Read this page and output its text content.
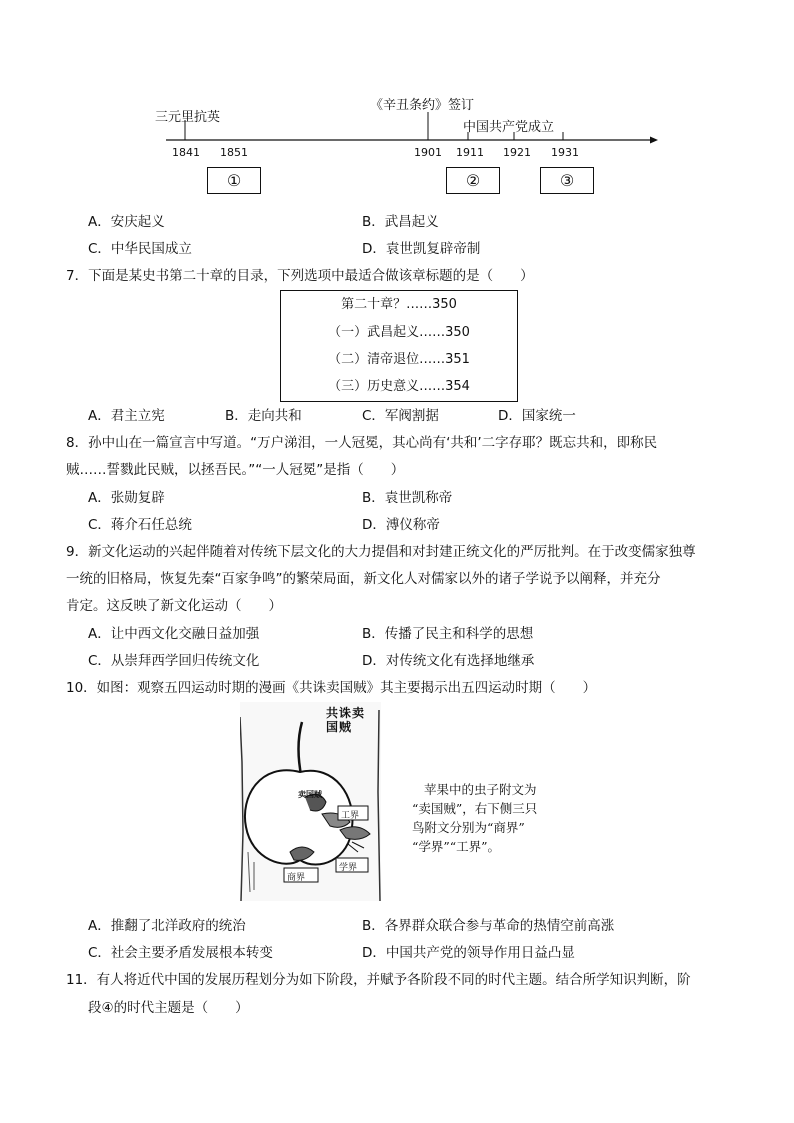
三元里抗英
《辛丑条约》签订
中国共产党成立
1841 1851	1901 1911 1921 1931
①	②	③
A．安庆起义	B．武昌起义
C．中华民国成立	D．袁世凯复辟帝制
7．下面是某史书第二十章的目录，下列选项中最适合做该章标题的是（　　）
第二十章？……350
（一）武昌起义……350
（二）清帝退位……351
（三）历史意义……354
A．君主立宪	B．走向共和	C．军阀割据	D．国家统一
8．孙中山在一篇宣言中写道。“万户涕泪，一人冠冕，其心尚有‘共和’二字存耶？既忘共和，即称民
贼……誓戮此民贼，以拯吾民。”“一人冠冕”是指（　　）
A．张勋复辟	B．袁世凯称帝
C．蒋介石任总统	D．溥仪称帝
9．新文化运动的兴起伴随着对传统下层文化的大力提倡和对封建正统文化的严厉批判。在于改变儒家独尊
一统的旧格局，恢复先秦“百家争鸣”的繁荣局面，新文化人对儒家以外的诸子学说予以阐释，并充分
肯定。这反映了新文化运动（　　）
A．让中西文化交融日益加强	B．传播了民主和科学的思想
C．从崇拜西学回归传统文化	D．对传统文化有选择地继承
10．如图：观察五四运动时期的漫画《共诛卖国贼》其主要揭示出五四运动时期（　　）
共诛卖国贼
卖国贼
工界
学界
商界
苹果中的虫子附文为
“卖国贼”，右下侧三只
鸟附文分别为“商界”
“学界”“工界”。
A．推翻了北洋政府的统治	B．各界群众联合参与革命的热情空前高涨
C．社会主要矛盾发展根本转变	D．中国共产党的领导作用日益凸显
11．有人将近代中国的发展历程划分为如下阶段，并赋予各阶段不同的时代主题。结合所学知识判断，阶
段④的时代主题是（　　）
